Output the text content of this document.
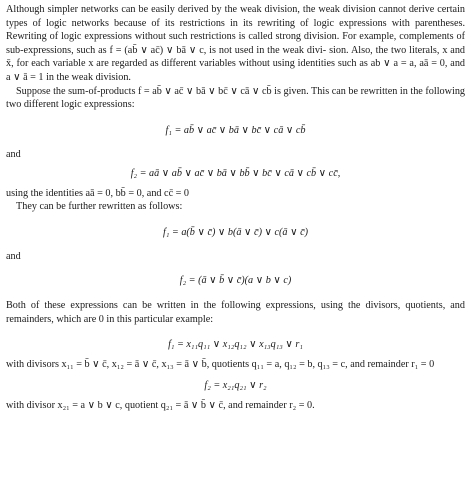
Although simpler networks can be easily derived by the weak division, the weak division cannot derive certain types of logic networks because of its restrictions in its rewriting of logic expressions with parentheses. Rewriting of logic expressions without such restrictions is called strong division. For example, complements of sub-expressions, such as f = (ab̄ ∨ ac̄) ∨ bā ∨ c, is not used in the weak divi- sion. Also, the two literals, x and x̄, for each variable x are regarded as different variables without using identities such as ab ∨ a = a, aā = 0, and a ∨ ā = 1 in the weak division.

Suppose the sum-of-products f = ab̄ ∨ ac̄ ∨ bā ∨ bc̄ ∨ cā ∨ cb̄ is given. This can be rewritten in the following two different logic expressions:

f₁ = ab̄ ∨ ac̄ ∨ bā ∨ bc̄ ∨ cā ∨ cb̄

and

f₂ = aā ∨ ab̄ ∨ ac̄ ∨ bā ∨ bb̄ ∨ bc̄ ∨ cā ∨ cb̄ ∨ cc̄,

using the identities aā = 0, bb̄ = 0, and cc̄ = 0

They can be further rewritten as follows:

f₁ = a(b̄ ∨ c̄) ∨ b(ā ∨ c̄) ∨ c(ā ∨ c̄)

and

f₂ = (ā ∨ b̄ ∨ c̄)(a ∨ b ∨ c)

Both of these expressions can be written in the following expressions, using the divisors, quotients, and remainders, which are 0 in this particular example:

f₁ = x₁₁q₁₁ ∨ x₁₂q₁₂ ∨ x₁₃q₁₃ ∨ r₁

with divisors x₁₁ = b̄ ∨ c̄, x₁₂ = ā ∨ c̄, x₁₃ = ā ∨ b̄, quotients q₁₁ = a, q₁₂ = b, q₁₃ = c, and remainder r₁ = 0

f₂ = x₂₁q₂₁ ∨ r₂

with divisor x₂₁ = a ∨ b ∨ c, quotient q₂₁ = ā ∨ b̄ ∨ c̄, and remainder r₂ = 0.
